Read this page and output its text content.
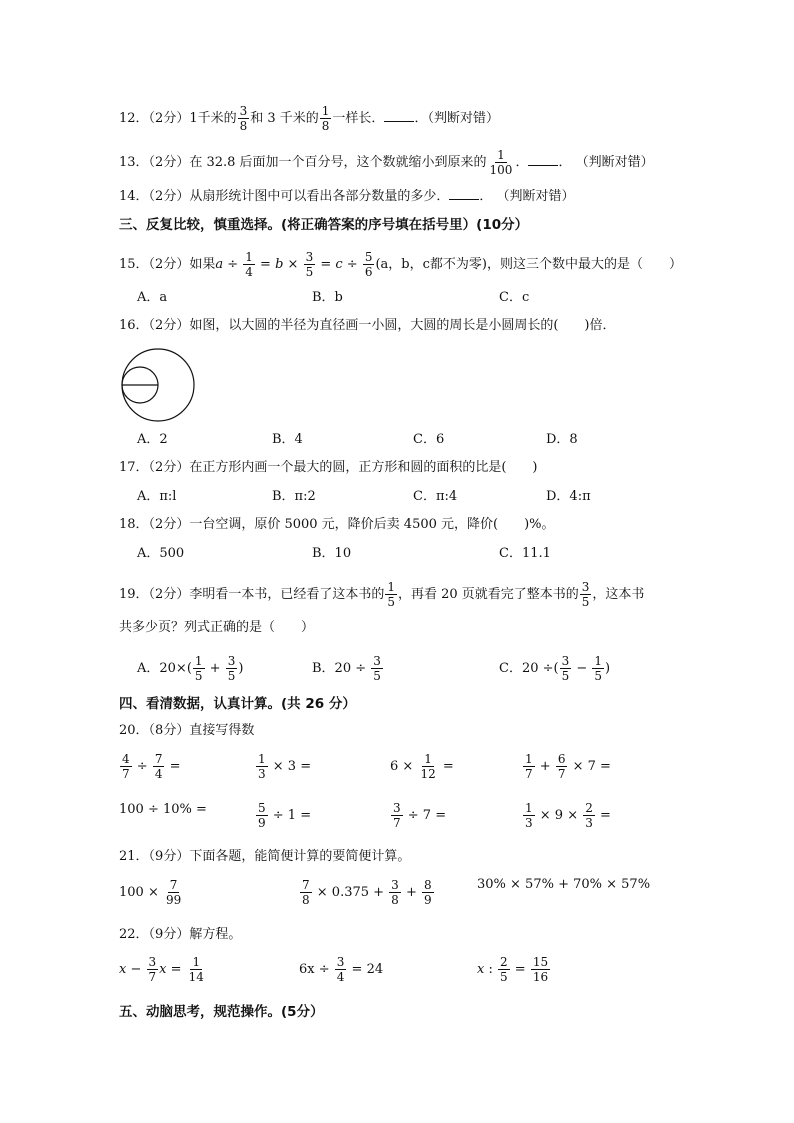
12．（2分）1千米的 $\frac{3}{8}$ 和 3 千米的 $\frac{1}{8}$ 一样长． ．（判断对错）
13．（2分）在 32.8 后面加一个百分号，这个数就缩小到原来的 $\frac{1}{100}$ ． ． （判断对错）
14．（2分）从扇形统计图中可以看出各部分数量的多少． ． （判断对错）
三、反复比较，慎重选择。(将正确答案的序号填在括号里）(10分）
15．（2分）如果$a \div \frac{1}{4} = b \times \frac{3}{5} = c \div \frac{5}{6} (a$，b，c都不为零)，则这三个数中最大的是（　　）
A．a	B．b	C．c
16．（2分）如图，以大圆的半径为直径画一小圆，大圆的周长是小圆周长的(　　)倍．
A．2	B．4	C．6	D．8
17．（2分）在正方形内画一个最大的圆，正方形和圆的面积的比是(　　)
A．π:l	B．π:2	C．π:4	D．4:π
18．（2分）一台空调，原价 5000 元，降价后卖 4500 元，降价(　　)%。
A．500	B．10	C．11.1
19．（2分）李明看一本书，已经看了这本书的 $\frac{1}{5}$ ，再看 20 页就看完了整本书的 $\frac{3}{5}$ ，这本书
共多少页？列式正确的是（　　）
A．$20\times( \frac{1}{5} + \frac{3}{5}$ )	B．$20 \div \frac{3}{5}$	C．20 ÷( $\frac{3}{5} - \frac{1}{5}$ )
四、看清数据，认真计算。(共 26 分）
20．（8分）直接写得数
$\frac{4}{7} \div \frac{7}{4}$ =	$\frac{1}{3} \times 3$ =	$6 \times \frac{1}{12}$ =	$\frac{1}{7} + \frac{6}{7} \times 7$ =
100 ÷ 10% =	$\frac{5}{9} \div 1$ =	$\frac{3}{7} \div 7$ =	$\frac{1}{3} \times 9 \times \frac{2}{3}$ =
21．（9分）下面各题，能简便计算的要简便计算。
$100 \times \frac{7}{99}$	$\frac{7}{8} \times 0.375 + \frac{3}{8} + \frac{8}{9}$	30% × 57% + 70% × 57%
22．（9分）解方程。
$x - \frac{3}{7}$ $x = \frac{1}{14}$	$6x \div \frac{3}{4} = 24$	x : $\frac{2}{5} = \frac{15}{16}$
五、动脑思考，规范操作。(5分）
